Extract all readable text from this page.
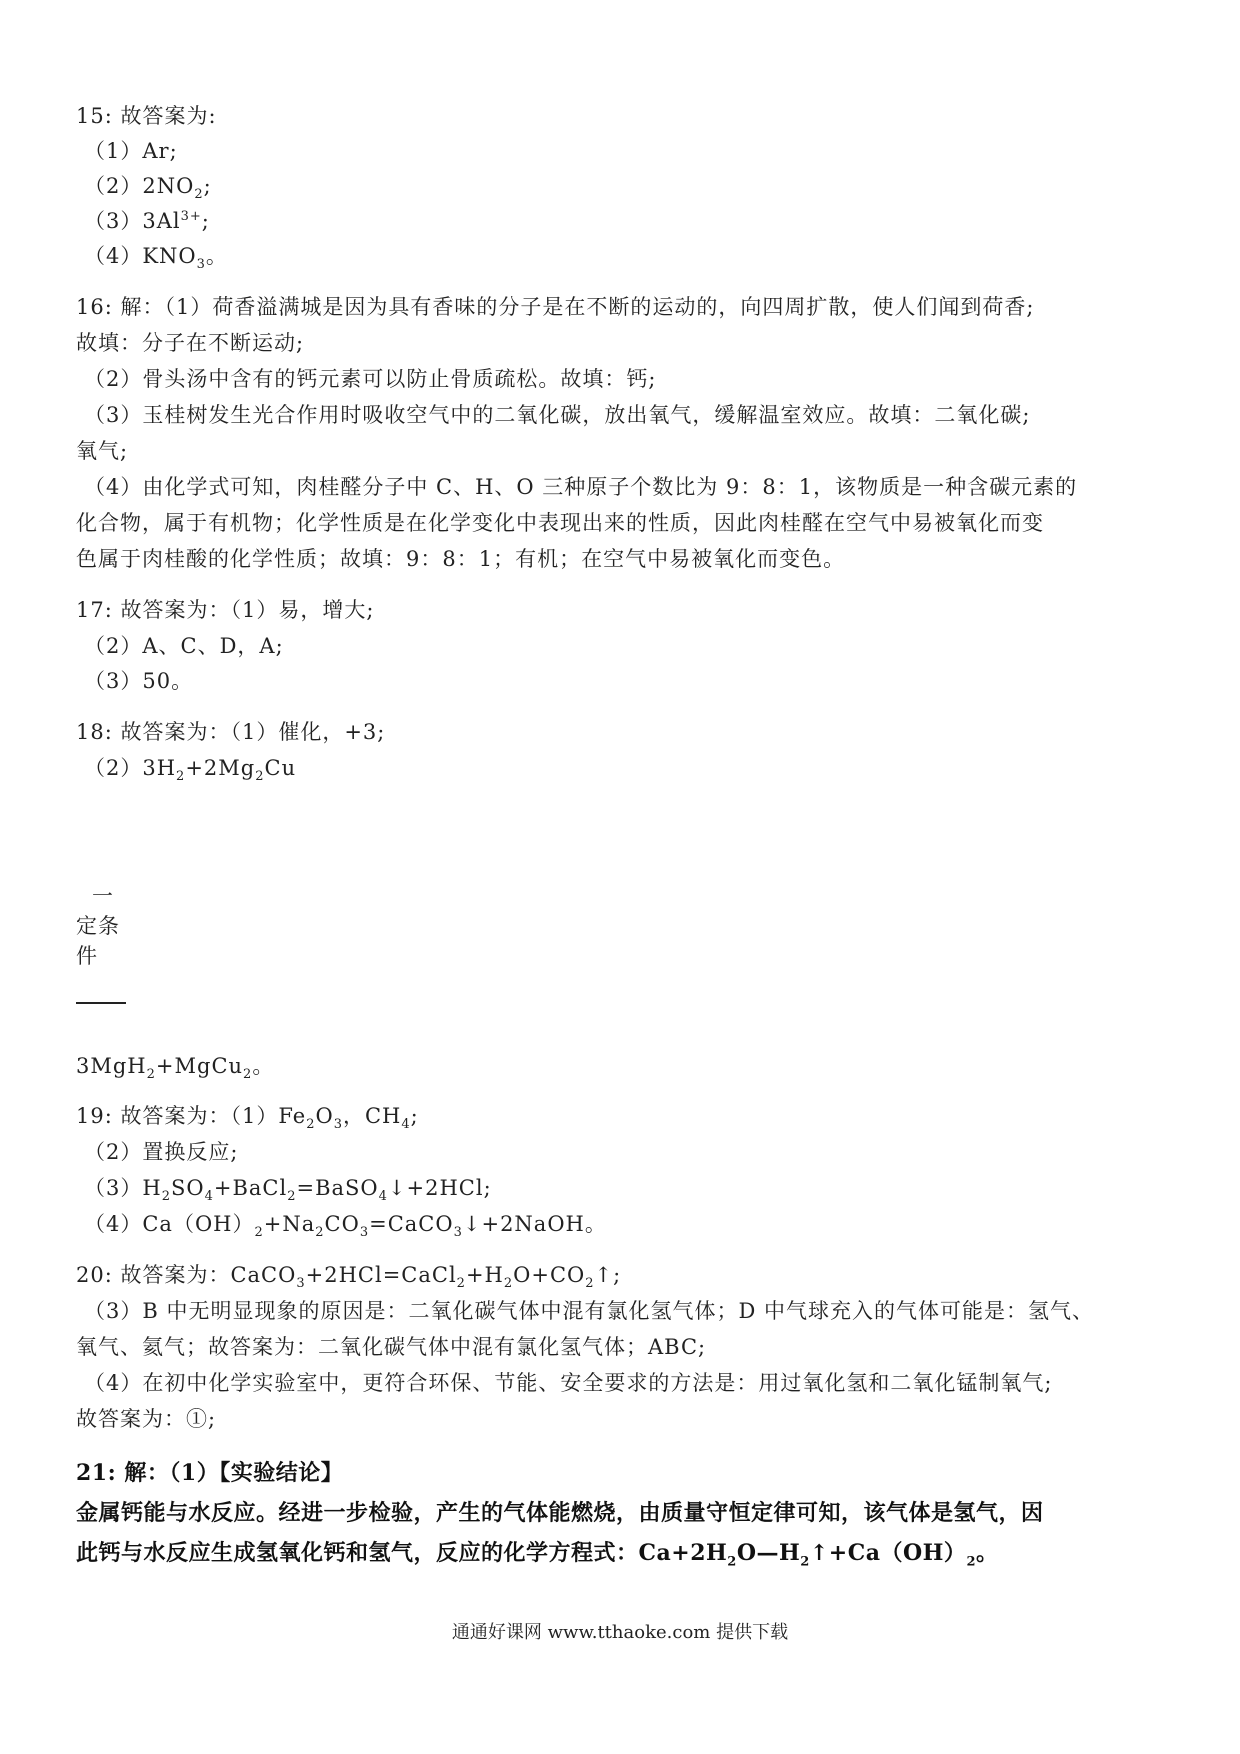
15: 故答案为:
（1）Ar;
$(2)2NO_2$;
$(3)3Al^{3+}$;
$(4)KNO_3$。
16: 解：（1）荷香溢满城是因为具有香味的分子是在不断的运动的，向四周扩散，使人们闻到荷香;
故填：分子在不断运动;
（2）骨头汤中含有的钙元素可以防止骨质疏松。故填：钙;
（3）玉桂树发生光合作用时吸收空气中的二氧化碳，放出氧气，缓解温室效应。故填：二氧化碳;
氧气;
（4）由化学式可知，肉桂醛分子中 C、H、O 三种原子个数比为 9：8：1，该物质是一种含碳元素的
化合物，属于有机物；化学性质是在化学变化中表现出来的性质，因此肉桂醛在空气中易被氧化而变
色属于肉桂酸的化学性质；故填：9：8：1；有机；在空气中易被氧化而变色。
17: 故答案为：（1）易，增大;
（2）A、C、D，A;
（3）50。
18: 故答案为：（1）催化，+3;
$(2)3H_2+2Mg_2Cu$
一
定条
件
3MgH$_2$+MgCu$_2$。
19: 故答案为：$(1)Fe_2O_3$，$CH_4$;
（2）置换反应;
$(3)H_2SO_4+BaCl_2=BaSO_4↓+2HCl$;
$(4)Ca(OH)_2+Na_2CO_3=CaCO_3↓+2NaOH$。
20: 故答案为：$CaCO_3+2HCl=CaCl_2+H_2O+CO_2↑$;
（3）B 中无明显现象的原因是：二氧化碳气体中混有氯化氢气体；D 中气球充入的气体可能是：氢气、
氧气、氦气；故答案为：二氧化碳气体中混有氯化氢气体；ABC;
（4）在初中化学实验室中，更符合环保、节能、安全要求的方法是：用过氧化氢和二氧化锰制氧气;
故答案为：①;
21: 解：（1）【实验结论】
金属钙能与水反应。经进一步检验，产生的气体能燃烧，由质量守恒定律可知，该气体是氢气，因
此钙与水反应生成氢氧化钙和氢气，反应的化学方程式：$Ca+2H_2O—H_2↑+Ca(OH)_2$。
通通好课网 www.tthaoke.com 提供下载
